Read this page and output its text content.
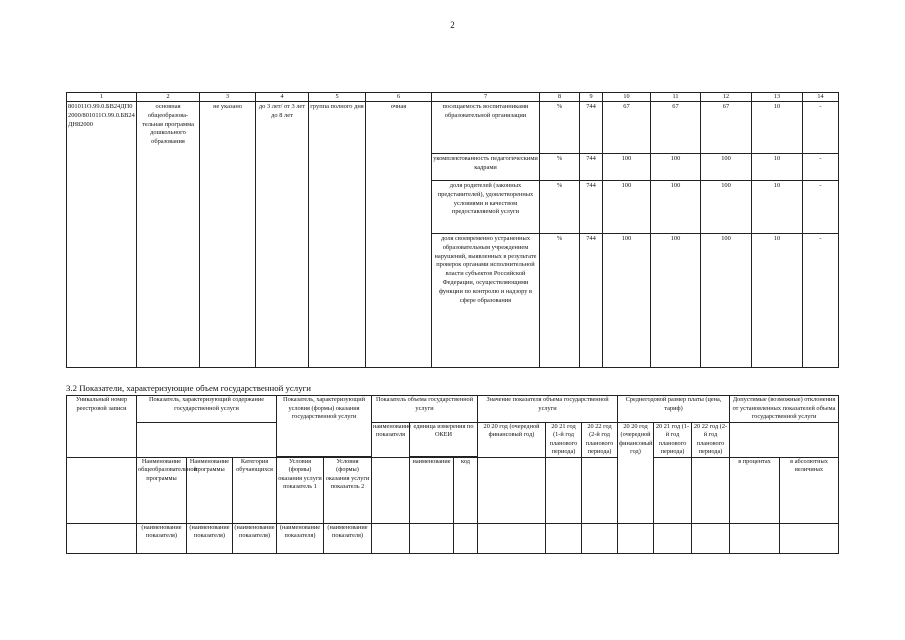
2
1	2	3	4	5	6	7	8	9	10	11	12	13	14
801011О.99.0.БВ24ДП02000/801011О.99.0.БВ24ДН82000	основная общеобразова-тельная программа дошкольного образования	не указано	до 3 лет/ от 3 лет до 8 лет	группа полного дня	очная	посещаемость воспитанниками образовательной организации	%	744	67	67	67	10	-
						укомплектованность педагогическими кадрами	%	744	100	100	100	10	-
						доля родителей (законных представителей), удовлетворенных условиями и качеством предоставляемой услуги	%	744	100	100	100	10	-
						доля своевременно устраненных образовательным учреждением нарушений, выявленных в результате проверок органами исполнительной власти субъектов Российской Федерации, осуществляющими функции по контролю и надзору в сфере образования	%	744	100	100	100	10	-
3.2 Показатели, характеризующие объем государственной услуги
Уникальный номер реестровой записи	Показатель, характеризующий содержание государственной услуги			Показатель, характеризующий условия (формы) оказания государственной услуги		Показатель объема государственной услуги			Значение показателя объема государственной услуги			Среднегодовой размер платы (цена, тариф)			Допустимые (возможные) отклонения от установленных показателей объема государственной услуги	
						наименование показателя	единица измерения по ОКЕИ		20 20 год (очередной финансовый год)	20 21 год (1-й год планового периода)	20 22 год (2-й год планового периода)	20 20 год (очередной финансовый год)	20 21 год (1-й год планового периода)	20 22 год (2-й год планового периода)		

	Наименование общеобразовательной программы	Наименование программы	Категория обучающихся	Условия (формы) оказания услуги показатель 1	Условия (формы) оказания услуги показатель 2		наименование	код							в процентах	в абсолютных величинах
	(наименование показателя)	(наименование показателя)	(наименование показателя)	(наименование показателя)	(наименование показателя)											
